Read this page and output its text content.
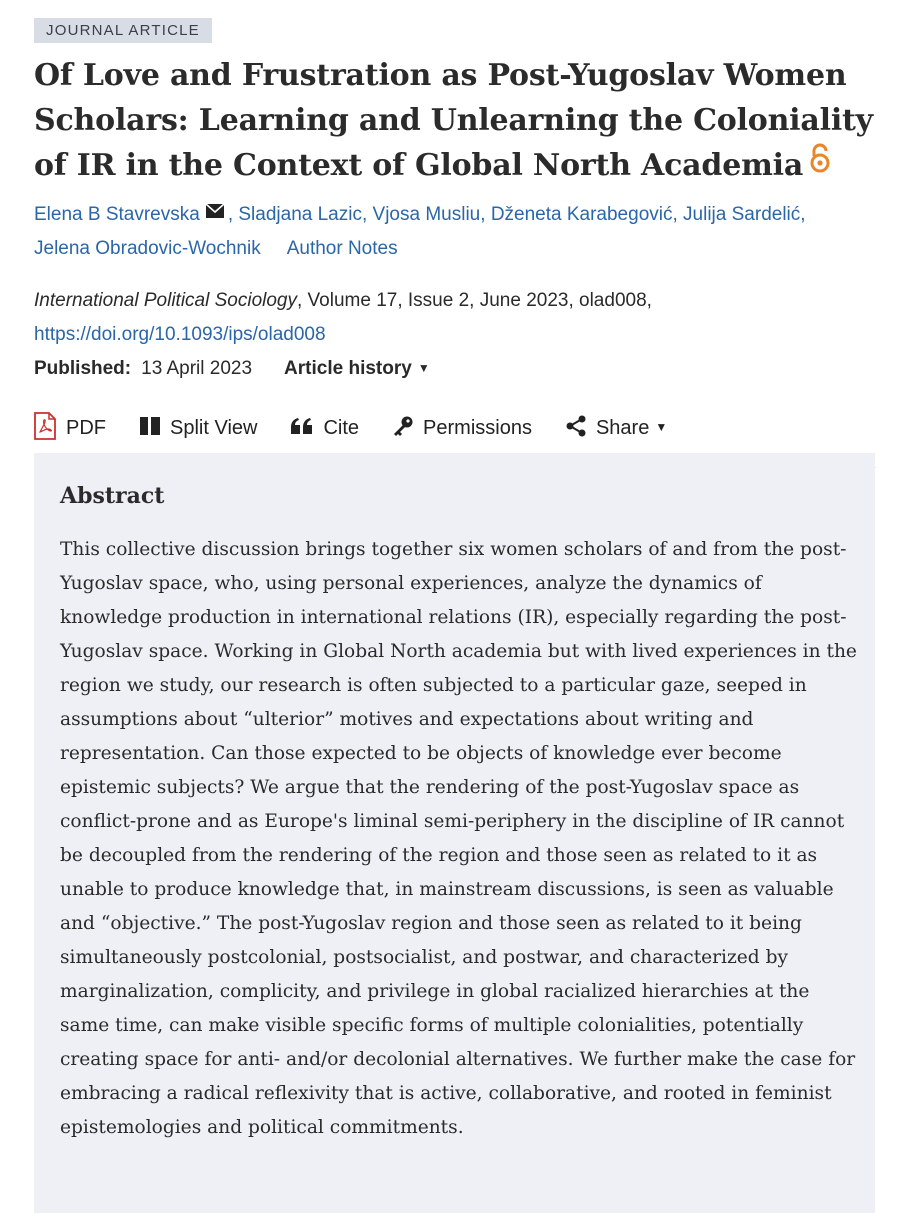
JOURNAL ARTICLE
Of Love and Frustration as Post-Yugoslav Women Scholars: Learning and Unlearning the Coloniality of IR in the Context of Global North Academia
Elena B Stavrevska , Sladjana Lazic, Vjosa Musliu, Dženeta Karabegović, Julija Sardelić,
Jelena Obradovic-Wochnik Author Notes
International Political Sociology, Volume 17, Issue 2, June 2023, olad008,
https://doi.org/10.1093/ips/olad008
Published: 13 April 2023 Article history ▼
PDF	Split View	Cite	Permissions	Share ▼
Abstract

This collective discussion brings together six women scholars of and from the post-Yugoslav space, who, using personal experiences, analyze the dynamics of knowledge production in international relations (IR), especially regarding the post-Yugoslav space. Working in Global North academia but with lived experiences in the region we study, our research is often subjected to a particular gaze, seeped in assumptions about “ulterior” motives and expectations about writing and representation. Can those expected to be objects of knowledge ever become epistemic subjects? We argue that the rendering of the post-Yugoslav space as conflict-prone and as Europe's liminal semi-periphery in the discipline of IR cannot be decoupled from the rendering of the region and those seen as related to it as unable to produce knowledge that, in mainstream discussions, is seen as valuable and “objective.” The post-Yugoslav region and those seen as related to it being simultaneously postcolonial, postsocialist, and postwar, and characterized by marginalization, complicity, and privilege in global racialized hierarchies at the same time, can make visible specific forms of multiple colonialities, potentially creating space for anti- and/or decolonial alternatives. We further make the case for embracing a radical reflexivity that is active, collaborative, and rooted in feminist epistemologies and political commitments.
